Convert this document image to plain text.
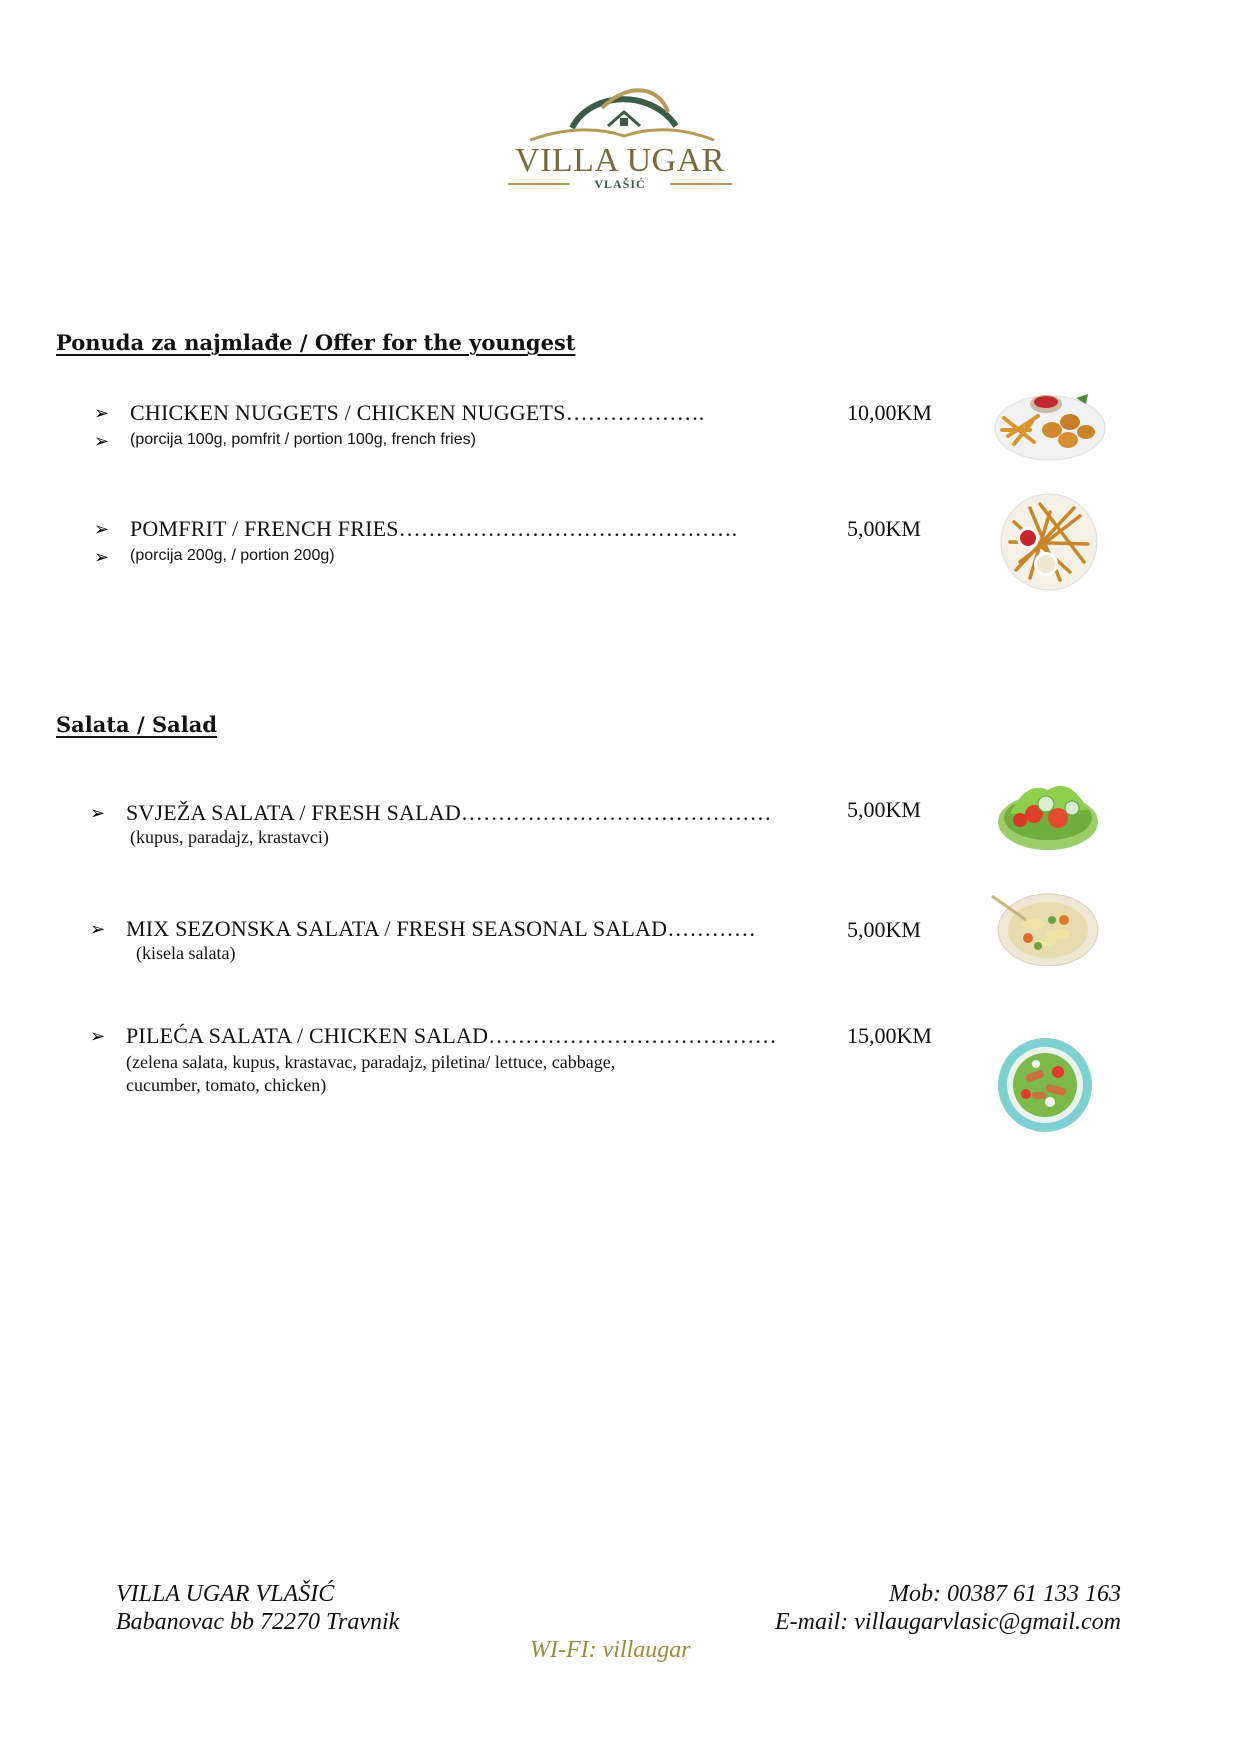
VILLA UGAR
VLAŠIĆ
Ponuda za najmlađe / Offer for the youngest
➢ CHICKEN NUGGETS / CHICKEN NUGGETS……………….	10,00KM
➢ (porcija 100g, pomfrit / portion 100g, french fries)
➢ POMFRIT / FRENCH FRIES……………………………………….	5,00KM
➢ (porcija 200g, / portion 200g)
Salata / Salad
➢ SVJEŽA SALATA / FRESH SALAD……………………………………	5,00KM
(kupus, paradajz, krastavci)
➢ MIX SEZONSKA SALATA / FRESH SEASONAL SALAD…………	5,00KM
(kisela salata)
➢ PILEĆA SALATA / CHICKEN SALAD…………………………………	15,00KM
(zelena salata, kupus, krastavac, paradajz, piletina/ lettuce, cabbage,
cucumber, tomato, chicken)
VILLA UGAR VLAŠIĆ
Babanovac bb 72270 Travnik
Mob: 00387 61 133 163
E-mail: villaugarvlasic@gmail.com
WI-FI: villaugar
